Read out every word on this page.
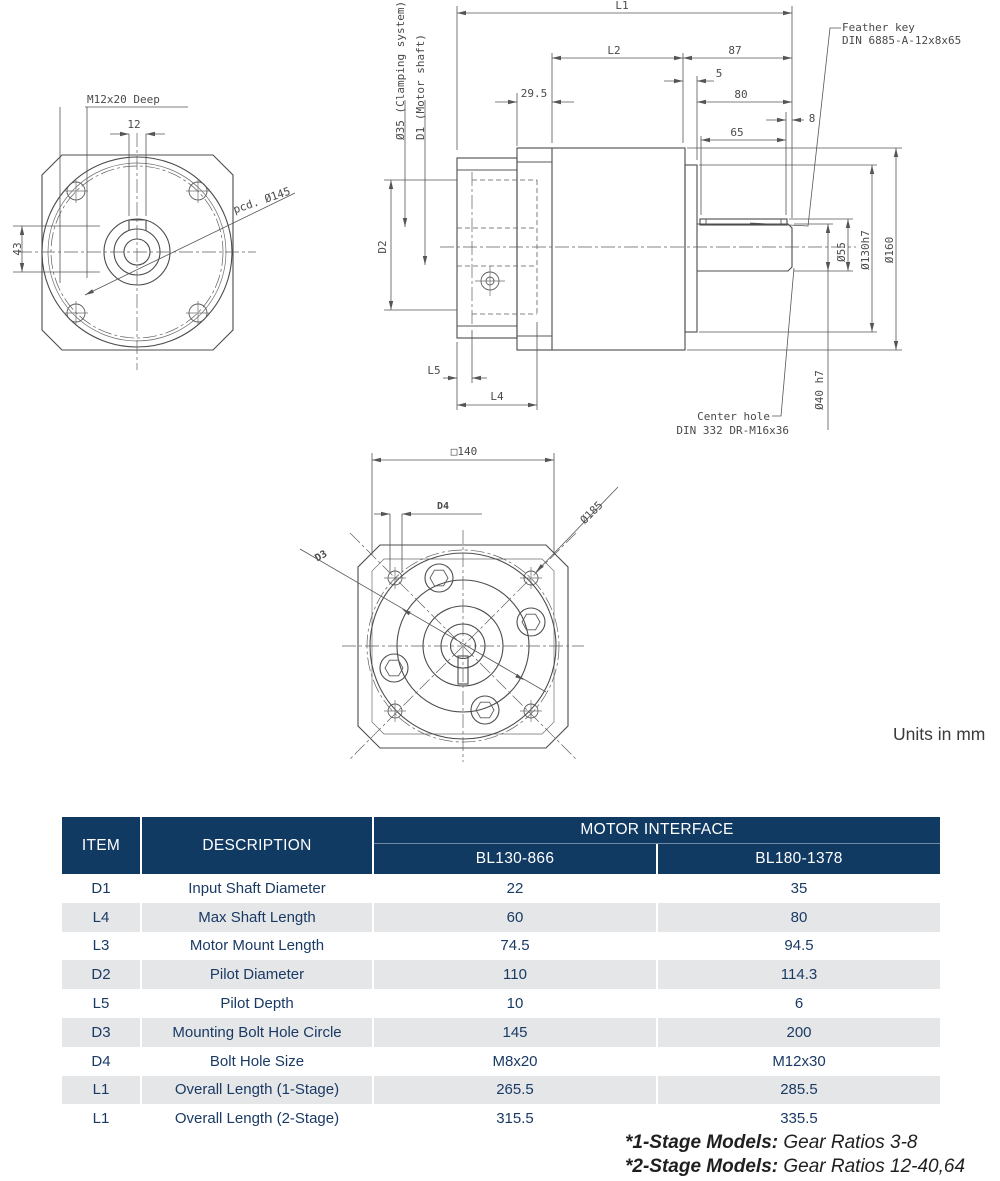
M12x20 Deep
12
pcd. Ø145
43
Ø35 (Clamping system) D1 (Motor shaft)
L1
L2	87
5
29.5	80
8
65
D2
L5
L4
Ø55 Ø130h7 Ø160
Ø40 h7
Feather key
DIN 6885-A-12x8x65
Center hole
DIN 332 DR-M16x36
□140
D4	Ø185
D3
Units in mm
ITEM	DESCRIPTION
MOTOR INTERFACE
BL130-866	BL180-1378
D1	Input Shaft Diameter	22	35
L4	Max Shaft Length	60	80
L3	Motor Mount Length	74.5	94.5
D2	Pilot Diameter	110	114.3
L5	Pilot Depth	10	6
D3	Mounting Bolt Hole Circle	145	200
D4	Bolt Hole Size	M8x20	M12x30
L1	Overall Length (1-Stage)	265.5	285.5
L1	Overall Length (2-Stage)	315.5	335.5
*1-Stage Models: Gear Ratios 3-8
*2-Stage Models: Gear Ratios 12-40,64
